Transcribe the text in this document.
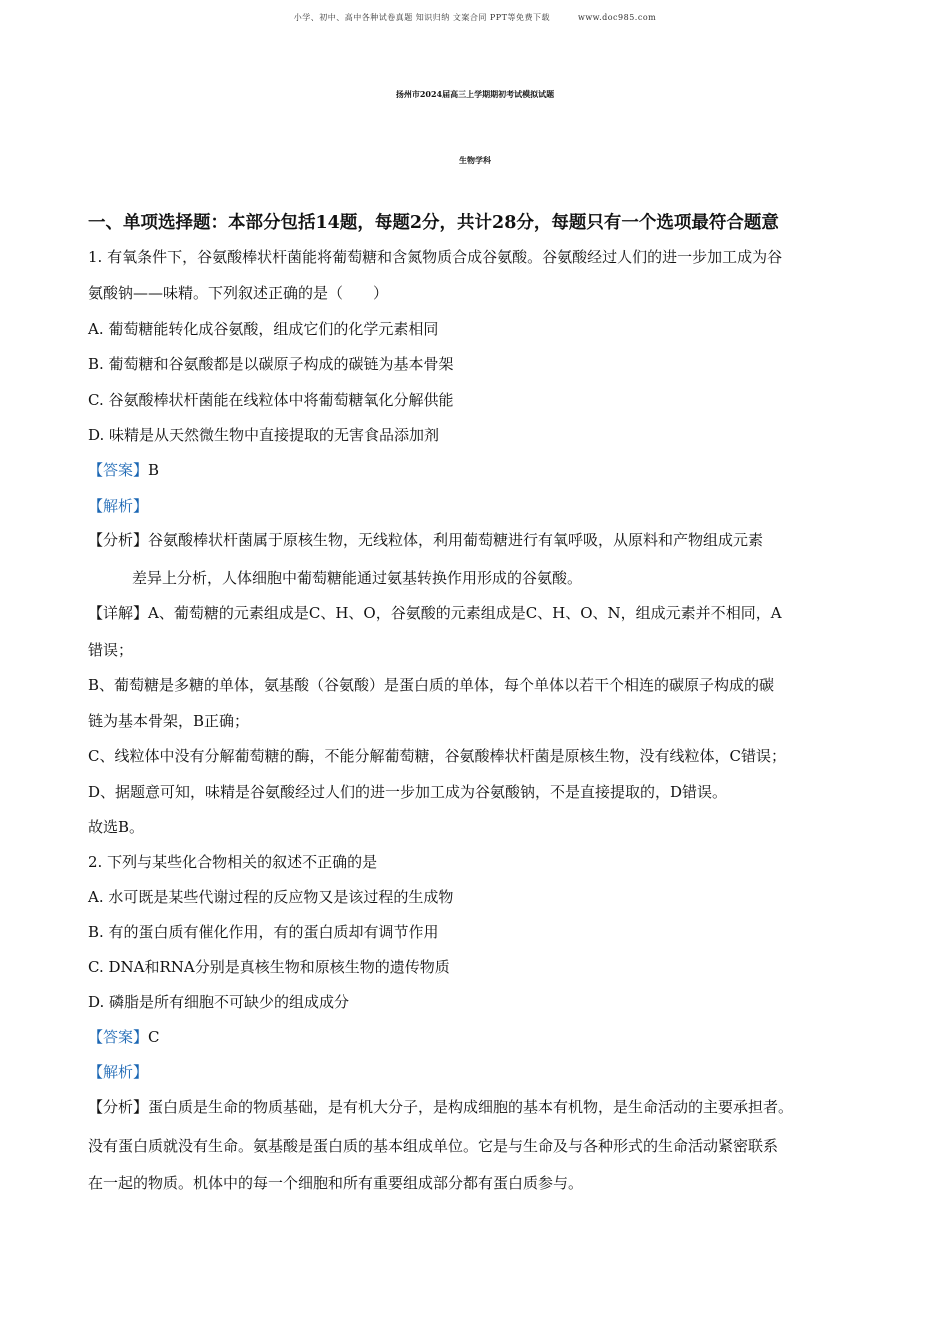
小学、初中、高中各种试卷真题 知识归纳 文案合同 PPT等免费下载	www.doc985.com
扬州市2024届高三上学期期初考试模拟试题
生物学科
一、单项选择题：本部分包括14题，每题2分，共计28分，每题只有一个选项最符合题意
1. 有氧条件下，谷氨酸棒状杆菌能将葡萄糖和含氮物质合成谷氨酸。谷氨酸经过人们的进一步加工成为谷
氨酸钠——味精。下列叙述正确的是（　　）
A. 葡萄糖能转化成谷氨酸，组成它们的化学元素相同
B. 葡萄糖和谷氨酸都是以碳原子构成的碳链为基本骨架
C. 谷氨酸棒状杆菌能在线粒体中将葡萄糖氧化分解供能
D. 味精是从天然微生物中直接提取的无害食品添加剂
【答案】B
【解析】
【分析】谷氨酸棒状杆菌属于原核生物，无线粒体，利用葡萄糖进行有氧呼吸，从原料和产物组成元素
差异上分析，人体细胞中葡萄糖能通过氨基转换作用形成的谷氨酸。
【详解】A、葡萄糖的元素组成是C、H、O，谷氨酸的元素组成是C、H、O、N，组成元素并不相同，A
错误；
B、葡萄糖是多糖的单体，氨基酸（谷氨酸）是蛋白质的单体，每个单体以若干个相连的碳原子构成的碳
链为基本骨架，B正确；
C、线粒体中没有分解葡萄糖的酶，不能分解葡萄糖，谷氨酸棒状杆菌是原核生物，没有线粒体，C错误；
D、据题意可知，味精是谷氨酸经过人们的进一步加工成为谷氨酸钠，不是直接提取的，D错误。
故选B。
2. 下列与某些化合物相关的叙述不正确的是
A. 水可既是某些代谢过程的反应物又是该过程的生成物
B. 有的蛋白质有催化作用，有的蛋白质却有调节作用
C. DNA和RNA分别是真核生物和原核生物的遗传物质
D. 磷脂是所有细胞不可缺少的组成成分
【答案】C
【解析】
【分析】蛋白质是生命的物质基础，是有机大分子，是构成细胞的基本有机物，是生命活动的主要承担者。
没有蛋白质就没有生命。氨基酸是蛋白质的基本组成单位。它是与生命及与各种形式的生命活动紧密联系
在一起的物质。机体中的每一个细胞和所有重要组成部分都有蛋白质参与。
